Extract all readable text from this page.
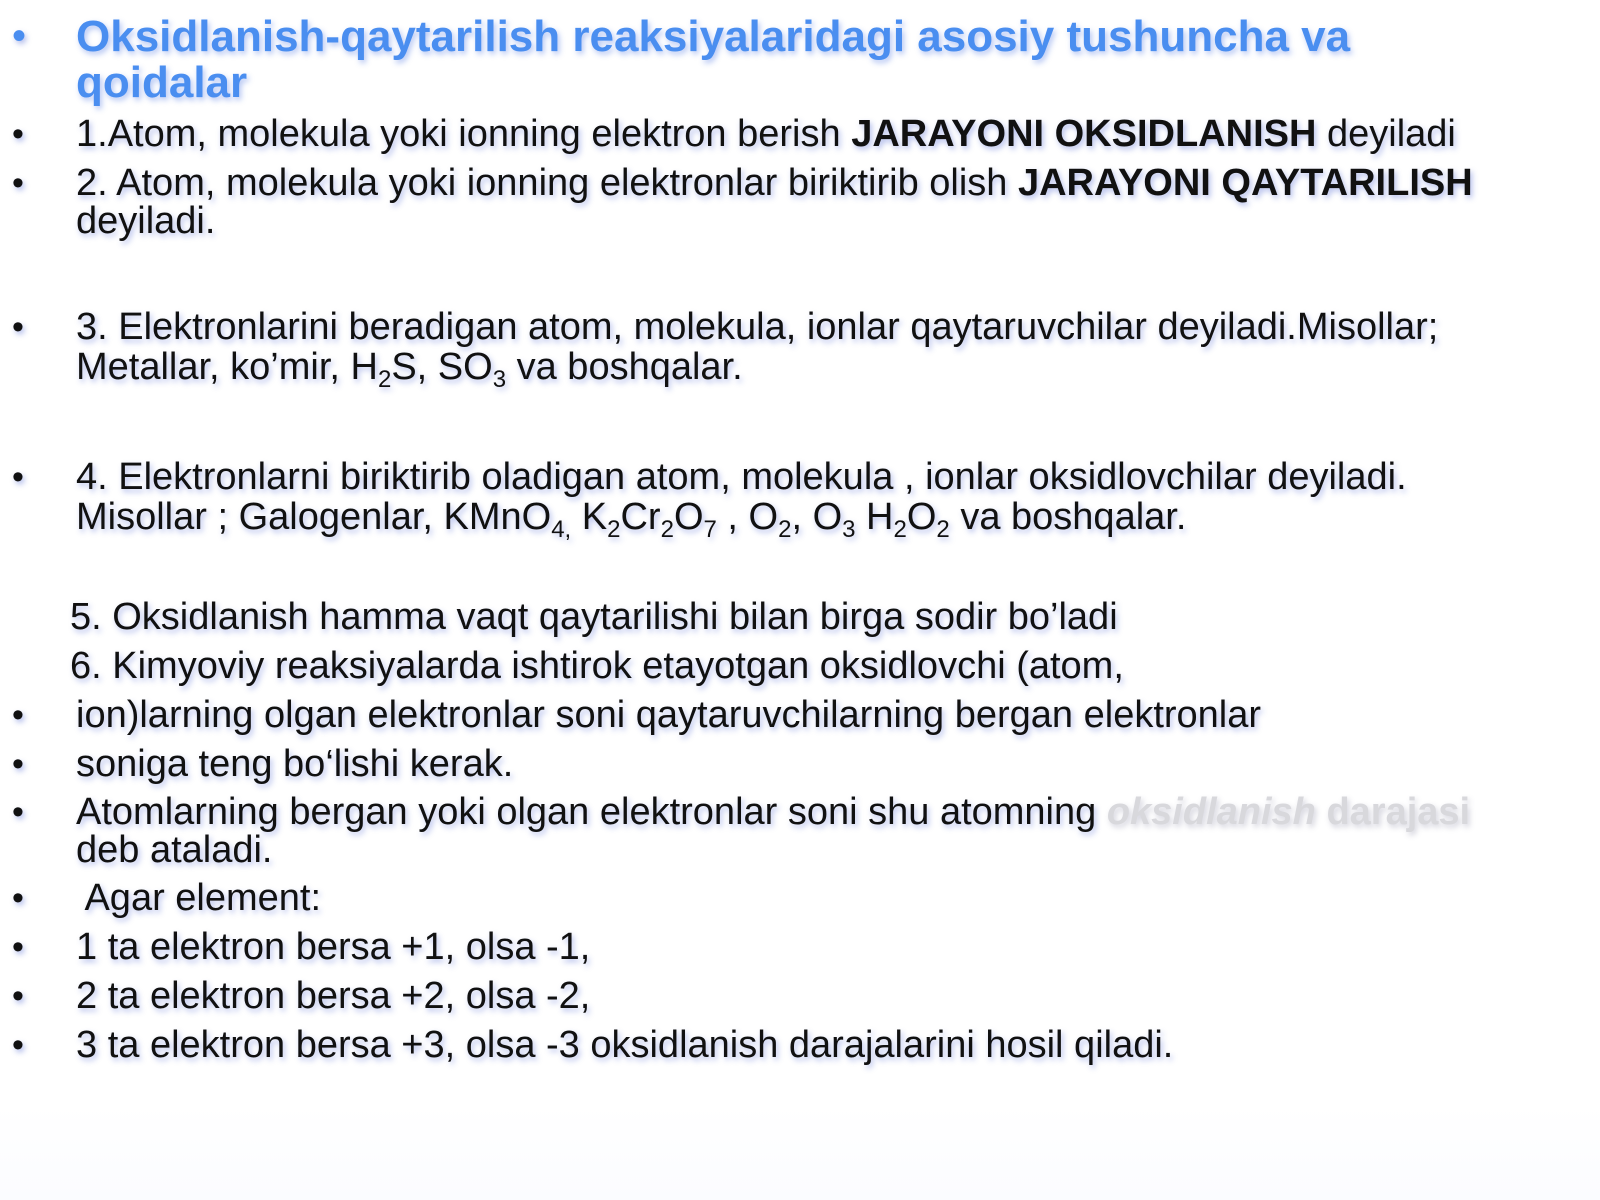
• Oksidlanish-qaytarilish reaksiyalaridagi asosiy tushuncha va
qoidalar
• 1.Atom, molekula yoki ionning elektron berish JARAYONI OKSIDLANISH deyiladi
• 2. Atom, molekula yoki ionning elektronlar biriktirib olish JARAYONI QAYTARILISH
deyiladi.
• 3. Elektronlarini beradigan atom, molekula, ionlar qaytaruvchilar deyiladi.Misollar;
Metallar, ko’mir, $H_2S$, $SO_3$ va boshqalar.
• 4. Elektronlarni biriktirib oladigan atom, molekula , ionlar oksidlovchilar deyiladi.
Misollar ; Galogenlar, KMnO$_{4,}$ $K_2Cr_2O_7$ , $O_2$, $O_3$ $H_2O_2$ va boshqalar.
5. Oksidlanish hamma vaqt qaytarilishi bilan birga sodir bo’ladi
6. Kimyoviy reaksiyalarda ishtirok etayotgan oksidlovchi (atom,
• ion)larning olgan elektronlar soni qaytaruvchilarning bergan elektronlar
• soniga teng bo‘lishi kerak.
• Atomlarning bergan yoki olgan elektronlar soni shu atomning oksidlanish darajasi
deb ataladi.
• Agar element:
• 1 ta elektron bersa +1, olsa -1,
• 2 ta elektron bersa +2, olsa -2,
• 3 ta elektron bersa +3, olsa -3 oksidlanish darajalarini hosil qiladi.
